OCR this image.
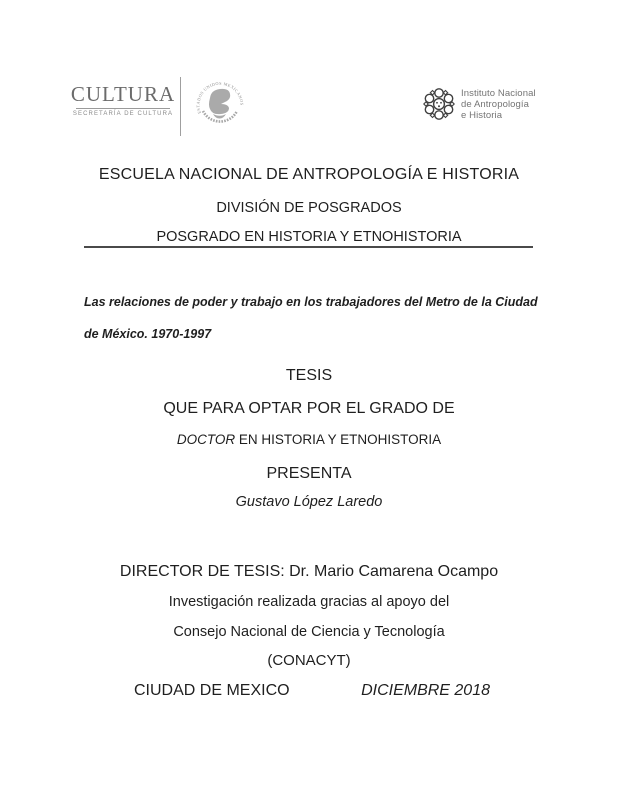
CULTURA
SECRETARÍA DE CULTURA	ESTADOS UNIDOS MEXICANOS
Instituto Nacional
de Antropología
e Historia
ESCUELA NACIONAL DE ANTROPOLOGÍA E HISTORIA
DIVISIÓN DE POSGRADOS
POSGRADO EN HISTORIA Y ETNOHISTORIA
Las relaciones de poder y trabajo en los trabajadores del Metro de la Ciudad
de México. 1970-1997
TESIS
QUE PARA OPTAR POR EL GRADO DE
DOCTOR EN HISTORIA Y ETNOHISTORIA
PRESENTA
Gustavo López Laredo
DIRECTOR DE TESIS: Dr. Mario Camarena Ocampo
Investigación realizada gracias al apoyo del
Consejo Nacional de Ciencia y Tecnología
(CONACYT)
CIUDAD DE MEXICO	DICIEMBRE 2018
